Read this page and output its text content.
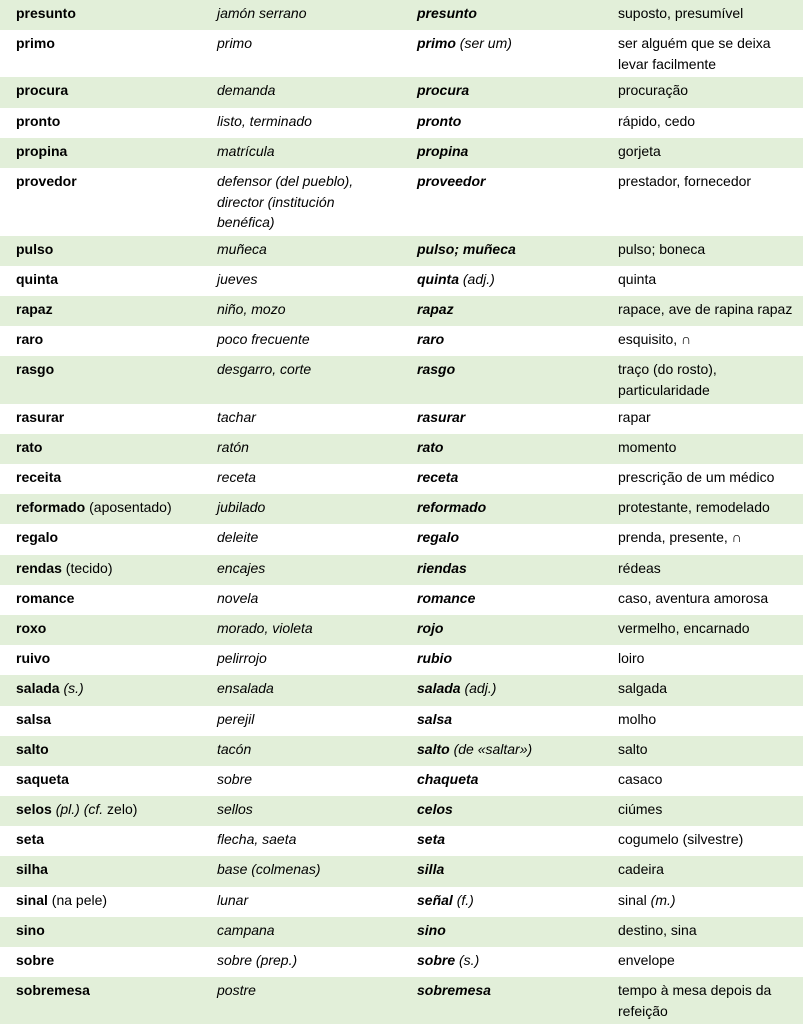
presunto	jamón serrano	presunto	suposto, presumível
primo	primo	primo (ser um)	ser alguém que se deixa levar facilmente
procura	demanda	procura	procuração
pronto	listo, terminado	pronto	rápido, cedo
propina	matrícula	propina	gorjeta
provedor	defensor (del pueblo), director (institución benéfica)	proveedor	prestador, fornecedor
pulso	muñeca	pulso; muñeca	pulso; boneca
quinta	jueves	quinta (adj.)	quinta
rapaz	niño, mozo	rapaz	rapace, ave de rapina rapaz
raro	poco frecuente	raro	esquisito, ∩
rasgo	desgarro, corte	rasgo	traço (do rosto), particularidade
rasurar	tachar	rasurar	rapar
rato	ratón	rato	momento
receita	receta	receta	prescrição de um médico
reformado (aposentado)	jubilado	reformado	protestante, remodelado
regalo	deleite	regalo	prenda, presente, ∩
rendas (tecido)	encajes	riendas	rédeas
romance	novela	romance	caso, aventura amorosa
roxo	morado, violeta	rojo	vermelho, encarnado
ruivo	pelirrojo	rubio	loiro
salada (s.)	ensalada	salada (adj.)	salgada
salsa	perejil	salsa	molho
salto	tacón	salto (de «saltar»)	salto
saqueta	sobre	chaqueta	casaco
selos (pl.) (cf. zelo)	sellos	celos	ciúmes
seta	flecha, saeta	seta	cogumelo (silvestre)
silha	base (colmenas)	silla	cadeira
sinal (na pele)	lunar	señal (f.)	sinal (m.)
sino	campana	sino	destino, sina
sobre	sobre (prep.)	sobre (s.)	envelope
sobremesa	postre	sobremesa	tempo à mesa depois da refeição
